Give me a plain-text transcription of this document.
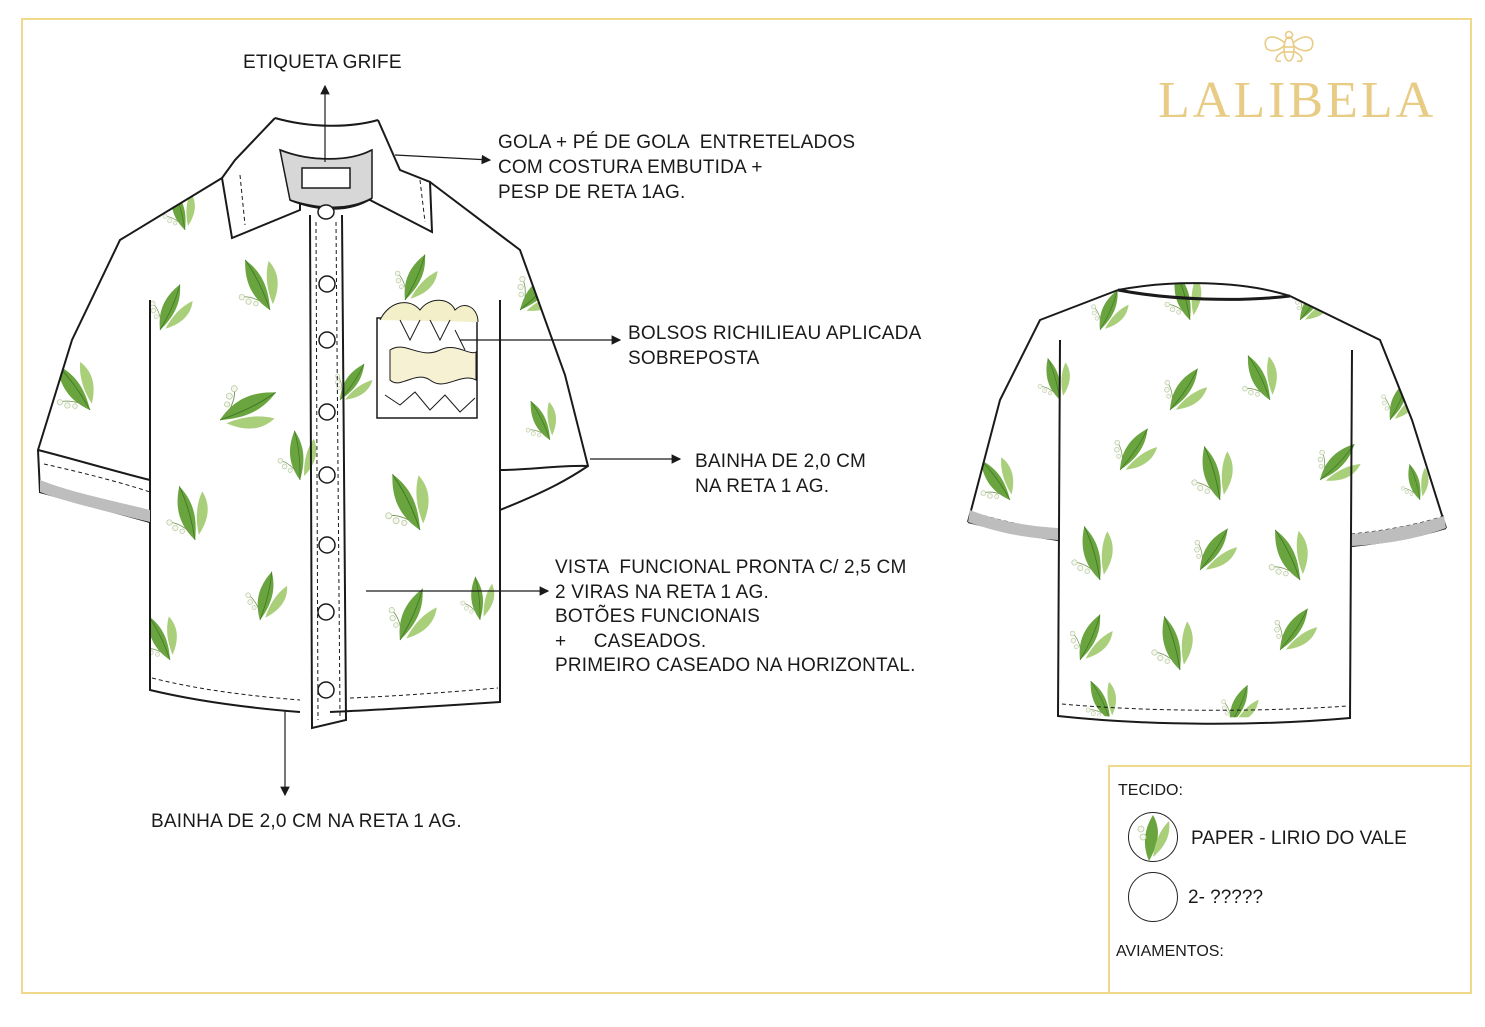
LALIBELA
ETIQUETA GRIFE
GOLA + PÉ DE GOLA  ENTRETELADOS
COM COSTURA EMBUTIDA +
PESP DE RETA 1AG.
BOLSOS RICHILIEAU APLICADA
SOBREPOSTA
BAINHA DE 2,0 CM
NA RETA 1 AG.
VISTA  FUNCIONAL PRONTA C/ 2,5 CM
2 VIRAS NA RETA 1 AG.
BOTÕES FUNCIONAIS
+     CASEADOS.
PRIMEIRO CASEADO NA HORIZONTAL.
BAINHA DE 2,0 CM NA RETA 1 AG.
TECIDO:
PAPER - LIRIO DO VALE
2- ?????
AVIAMENTOS:
